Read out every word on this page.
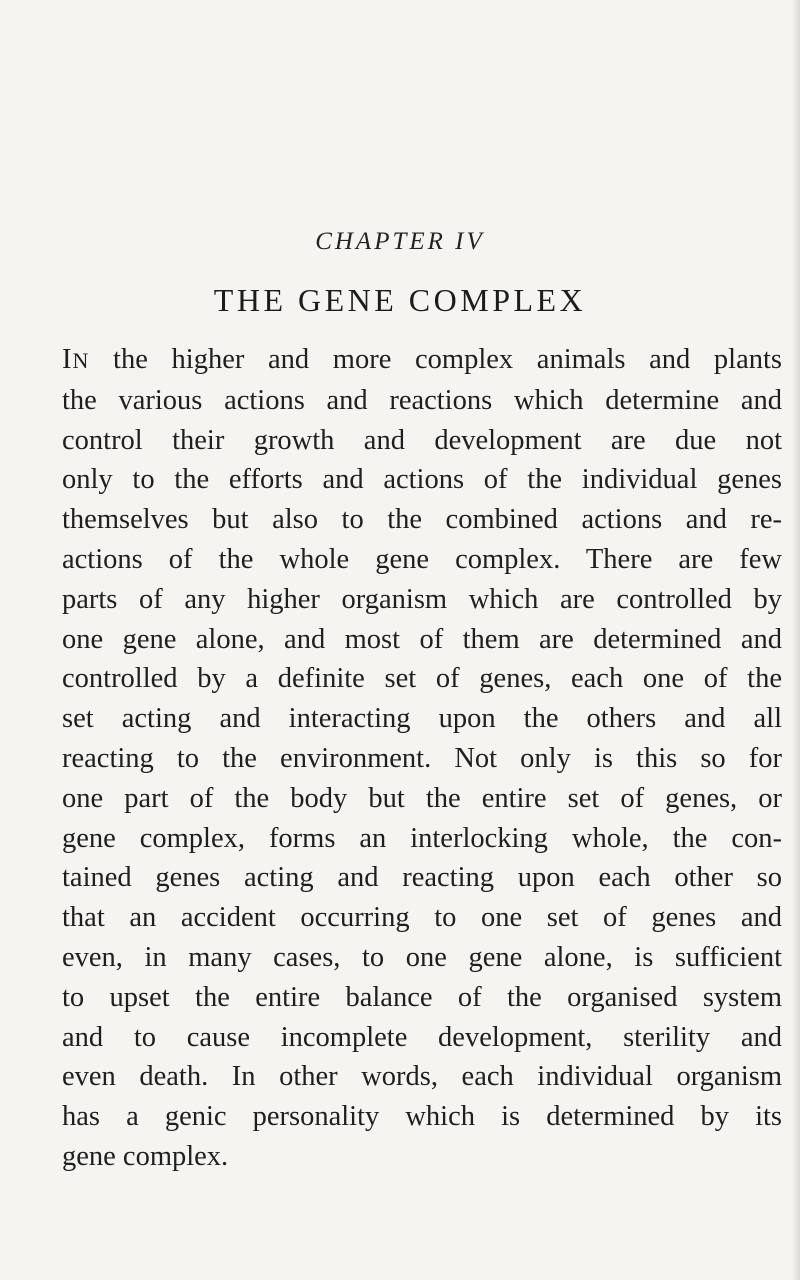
CHAPTER IV
THE GENE COMPLEX
IN the higher and more complex animals and plants
the various actions and reactions which determine and
control their growth and development are due not
only to the efforts and actions of the individual genes
themselves but also to the combined actions and re-
actions of the whole gene complex. There are few
parts of any higher organism which are controlled by
one gene alone, and most of them are determined and
controlled by a definite set of genes, each one of the
set acting and interacting upon the others and all
reacting to the environment. Not only is this so for
one part of the body but the entire set of genes, or
gene complex, forms an interlocking whole, the con-
tained genes acting and reacting upon each other so
that an accident occurring to one set of genes and
even, in many cases, to one gene alone, is sufficient
to upset the entire balance of the organised system
and to cause incomplete development, sterility and
even death. In other words, each individual organism
has a genic personality which is determined by its
gene complex.
